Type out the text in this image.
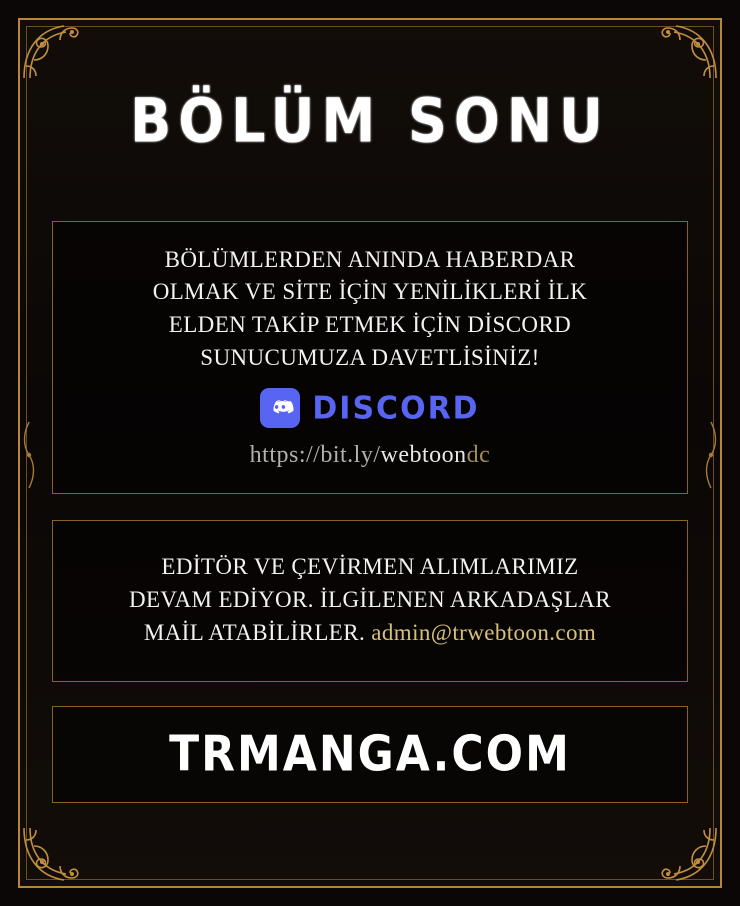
BÖLÜM SONU
BÖLÜMLERDEN ANINDA HABERDAR
OLMAK VE SİTE İÇİN YENİLİKLERİ İLK
ELDEN TAKİP ETMEK İÇİN DİSCORD
SUNUCUMUZA DAVETLİSİNİZ!
DISCORD
https://bit.ly/webtoondc
EDİTÖR VE ÇEVİRMEN ALIMLARIMIZ
DEVAM EDİYOR. İLGİLENEN ARKADAŞLAR
MAİL ATABİLİRLER. admin@trwebtoon.com
TRMANGA.COM
